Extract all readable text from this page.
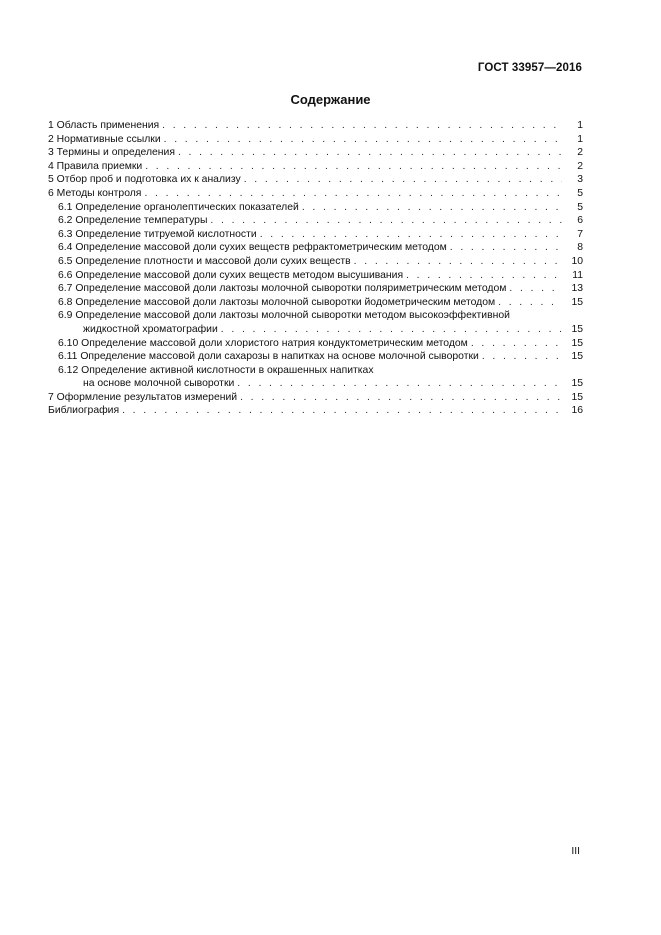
ГОСТ 33957—2016
Содержание
1 Область применения . . .	1
2 Нормативные ссылки . . .	1
3 Термины и определения . . .	2
4 Правила приемки . . .	2
5 Отбор проб и подготовка их к анализу . . .	3
6 Методы контроля . . .	5
6.1 Определение органолептических показателей . . .	5
6.2 Определение температуры . . .	6
6.3 Определение титруемой кислотности . . .	7
6.4 Определение массовой доли сухих веществ рефрактометрическим методом . . .	8
6.5 Определение плотности и массовой доли сухих веществ . . .	10
6.6 Определение массовой доли сухих веществ методом высушивания . . .	11
6.7 Определение массовой доли лактозы молочной сыворотки поляриметрическим методом . . .	13
6.8 Определение массовой доли лактозы молочной сыворотки йодометрическим методом . . .	15
6.9 Определение массовой доли лактозы молочной сыворотки методом высокоэффективной
жидкостной хроматографии . . .	15
6.10 Определение массовой доли хлористого натрия кондуктометрическим методом . . .	15
6.11 Определение массовой доли сахарозы в напитках на основе молочной сыворотки . . .	15
6.12 Определение активной кислотности в окрашенных напитках
на основе молочной сыворотки . . .	15
7 Оформление результатов измерений . . .	15
Библиография . . .	16
III
